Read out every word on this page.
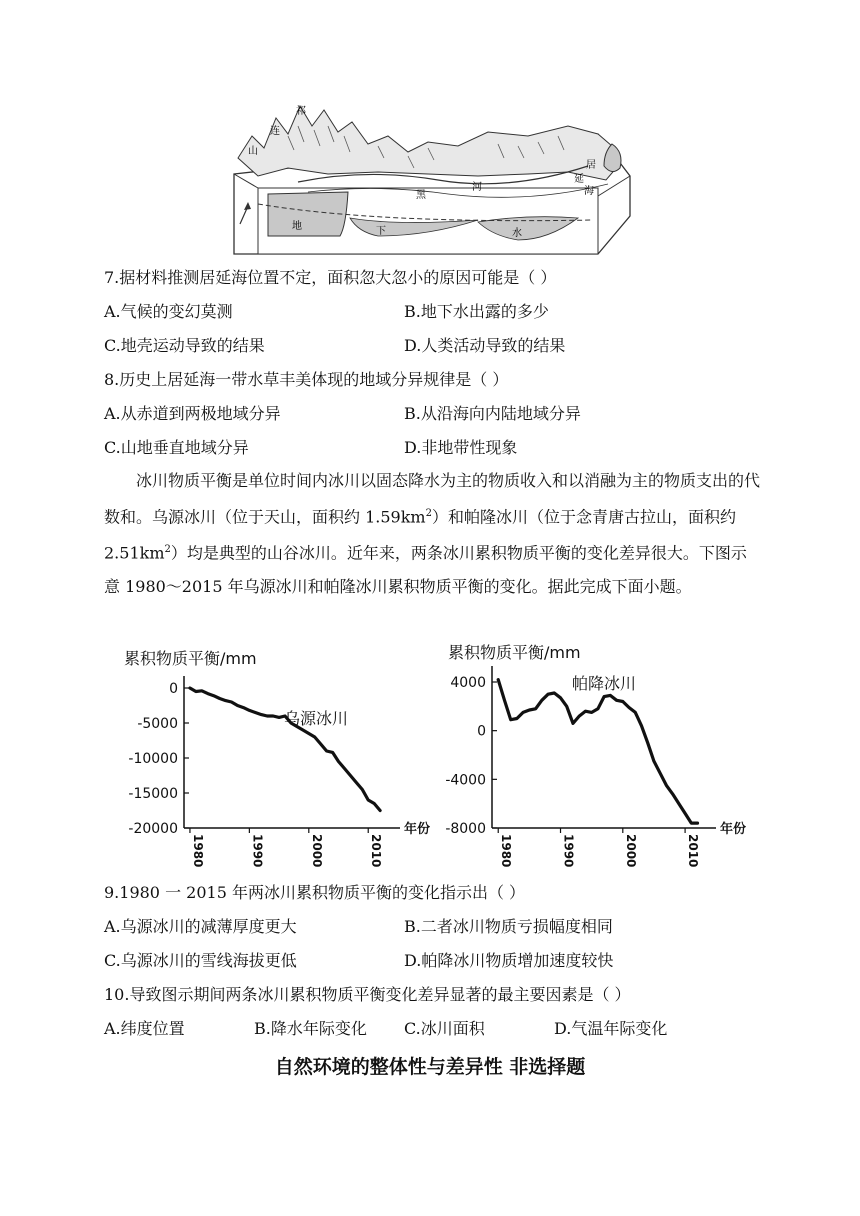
祁
连
山
居
延
海
黑
河
地	下	水
7.据材料推测居延海位置不定，面积忽大忽小的原因可能是（ ）
A.气候的变幻莫测	B.地下水出露的多少
C.地壳运动导致的结果	D.人类活动导致的结果
8.历史上居延海一带水草丰美体现的地域分异规律是（ ）
A.从赤道到两极地域分异	B.从沿海向内陆地域分异
C.山地垂直地域分异	D.非地带性现象
冰川物质平衡是单位时间内冰川以固态降水为主的物质收入和以消融为主的物质支出的代数和。乌源冰川（位于天山，面积约 $1.59km^2$）和帕隆冰川（位于念青唐古拉山，面积约 $2.51km^2$）均是典型的山谷冰川。近年来，两条冰川累积物质平衡的变化差异很大。下图示意 1980～2015 年乌源冰川和帕隆冰川累积物质平衡的变化。据此完成下面小题。
累积物质平衡/mm
0
-5000
-10000
-15000
-20000
1980	1990	2000	2010
年份
乌源冰川
累积物质平衡/mm
4000
0
-4000
-8000
1980	1990	2000	2010
年份
帕降冰川
9.1980 一 2015 年两冰川累积物质平衡的变化指示出（ ）
A.乌源冰川的减薄厚度更大	B.二者冰川物质亏损幅度相同
C.乌源冰川的雪线海拔更低	D.帕降冰川物质增加速度较快
10.导致图示期间两条冰川累积物质平衡变化差异显著的最主要因素是（ ）
A.纬度位置	B.降水年际变化 C.冰川面积	D.气温年际变化
自然环境的整体性与差异性 非选择题
